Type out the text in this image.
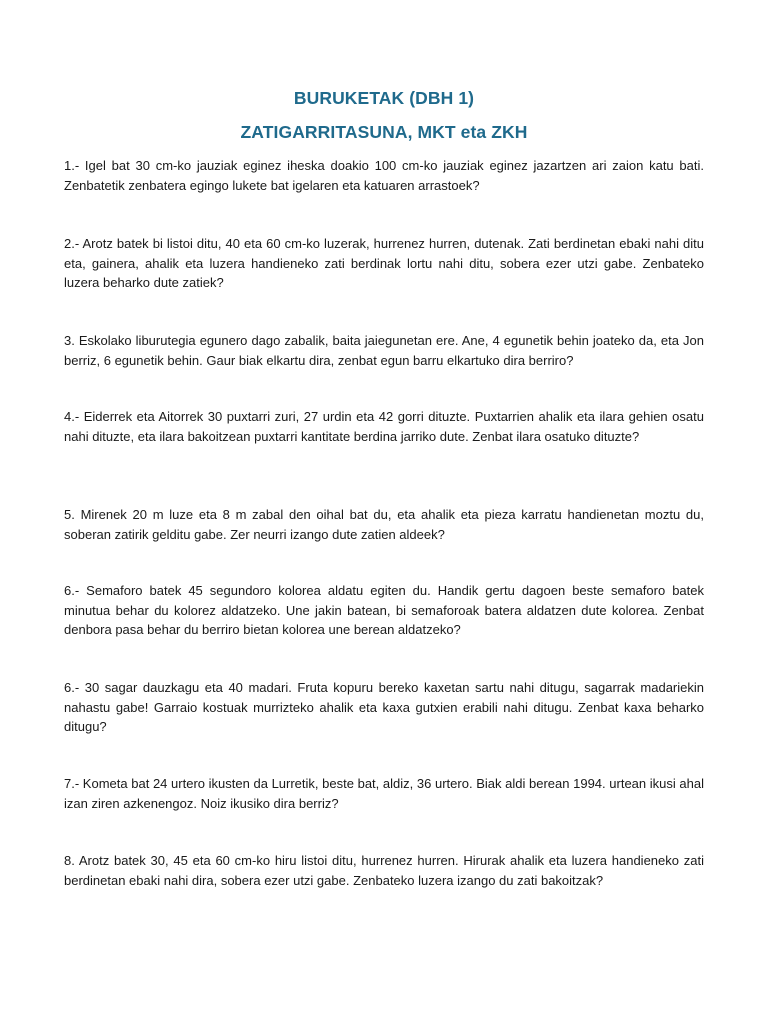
BURUKETAK (DBH 1)
ZATIGARRITASUNA, MKT eta ZKH
1.- Igel bat 30 cm-ko jauziak eginez iheska doakio 100 cm-ko jauziak eginez jazartzen ari zaion katu bati. Zenbatetik zenbatera egingo lukete bat igelaren eta katuaren arrastoek?
2.- Arotz batek bi listoi ditu, 40 eta 60 cm-ko luzerak, hurrenez hurren, dutenak. Zati berdinetan ebaki nahi ditu eta, gainera, ahalik eta luzera handieneko zati berdinak lortu nahi ditu, sobera ezer utzi gabe. Zenbateko luzera beharko dute zatiek?
3. Eskolako liburutegia egunero dago zabalik, baita jaiegunetan ere. Ane, 4 egunetik behin joateko da, eta Jon berriz, 6 egunetik behin. Gaur biak elkartu dira, zenbat egun barru elkartuko dira berriro?
4.- Eiderrek eta Aitorrek 30 puxtarri zuri, 27 urdin eta 42 gorri dituzte. Puxtarrien ahalik eta ilara gehien osatu nahi dituzte, eta ilara bakoitzean puxtarri kantitate berdina jarriko dute. Zenbat ilara osatuko dituzte?
5. Mirenek 20 m luze eta 8 m zabal den oihal bat du, eta ahalik eta pieza karratu handienetan moztu du, soberan zatirik gelditu gabe. Zer neurri izango dute zatien aldeek?
6.- Semaforo batek 45 segundoro kolorea aldatu egiten du. Handik gertu dagoen beste semaforo batek minutua behar du kolorez aldatzeko. Une jakin batean, bi semaforoak batera aldatzen dute kolorea. Zenbat denbora pasa behar du berriro bietan kolorea une berean aldatzeko?
6.- 30 sagar dauzkagu eta 40 madari. Fruta kopuru bereko kaxetan sartu nahi ditugu, sagarrak madariekin nahastu gabe! Garraio kostuak murrizteko ahalik eta kaxa gutxien erabili nahi ditugu. Zenbat kaxa beharko ditugu?
7.- Kometa bat 24 urtero ikusten da Lurretik, beste bat, aldiz, 36 urtero. Biak aldi berean 1994. urtean ikusi ahal izan ziren azkenengoz. Noiz ikusiko dira berriz?
8. Arotz batek 30, 45 eta 60 cm-ko hiru listoi ditu, hurrenez hurren. Hirurak ahalik eta luzera handieneko zati berdinetan ebaki nahi dira, sobera ezer utzi gabe. Zenbateko luzera izango du zati bakoitzak?
